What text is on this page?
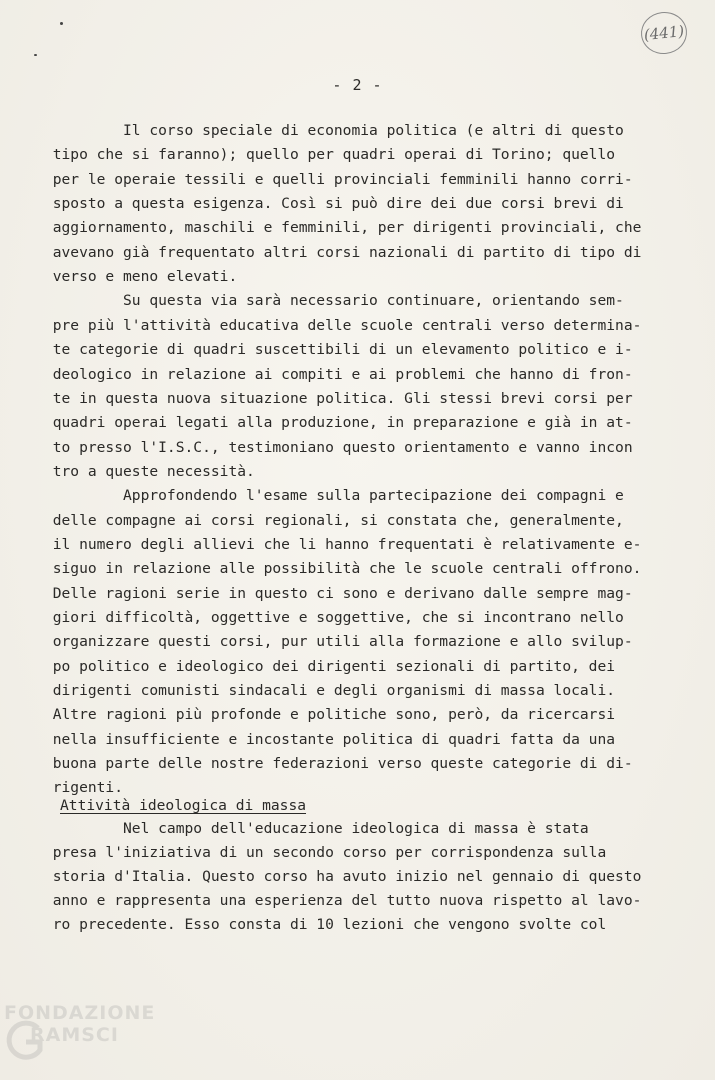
(441)
- 2 -
Il corso speciale di economia politica (e altri di questo
tipo che si faranno); quello per quadri operai di Torino; quello
per le operaie tessili e quelli provinciali femminili hanno corri-
sposto a questa esigenza. Così si può dire dei due corsi brevi di
aggiornamento, maschili e femminili, per dirigenti provinciali, che
avevano già frequentato altri corsi nazionali di partito di tipo di
verso e meno elevati.
Su questa via sarà necessario continuare, orientando sem-
pre più l'attività educativa delle scuole centrali verso determina-
te categorie di quadri suscettibili di un elevamento politico e i-
deologico in relazione ai compiti e ai problemi che hanno di fron-
te in questa nuova situazione politica. Gli stessi brevi corsi per
quadri operai legati alla produzione, in preparazione e già in at-
to presso l'I.S.C., testimoniano questo orientamento e vanno incon
tro a queste necessità.
Approfondendo l'esame sulla partecipazione dei compagni e
delle compagne ai corsi regionali, si constata che, generalmente,
il numero degli allievi che li hanno frequentati è relativamente e-
siguo in relazione alle possibilità che le scuole centrali offrono.
Delle ragioni serie in questo ci sono e derivano dalle sempre mag-
giori difficoltà, oggettive e soggettive, che si incontrano nello
organizzare questi corsi, pur utili alla formazione e allo svilup-
po politico e ideologico dei dirigenti sezionali di partito, dei
dirigenti comunisti sindacali e degli organismi di massa locali.
Altre ragioni più profonde e politiche sono, però, da ricercarsi
nella insufficiente e incostante politica di quadri fatta da una
buona parte delle nostre federazioni verso queste categorie di di-
rigenti.
Attività ideologica di massa
Nel campo dell'educazione ideologica di massa è stata
presa l'iniziativa di un secondo corso per corrispondenza sulla
storia d'Italia. Questo corso ha avuto inizio nel gennaio di questo
anno e rappresenta una esperienza del tutto nuova rispetto al lavo-
ro precedente. Esso consta di 10 lezioni che vengono svolte col
FONDAZIONE
RAMSCI
